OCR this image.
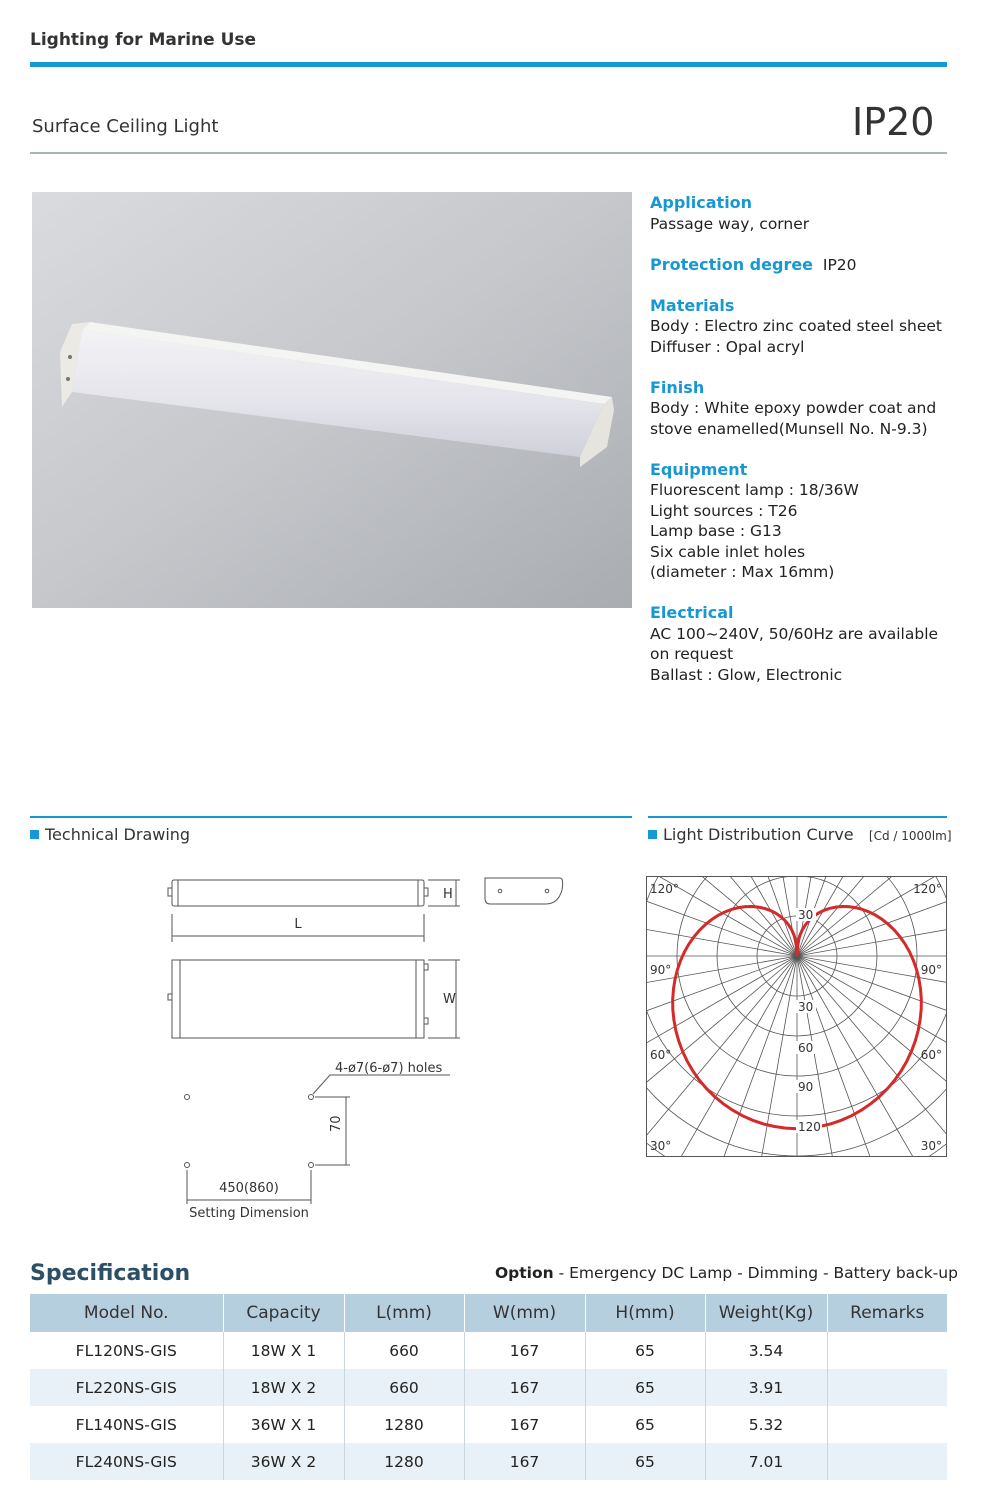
Lighting for Marine Use
Surface Ceiling Light	IP20
Application
Passage way, corner
Protection degree IP20
Materials
Body : Electro zinc coated steel sheet
Diffuser : Opal acryl
Finish
Body : White epoxy powder coat and
stove enamelled(Munsell No. N-9.3)
Equipment
Fluorescent lamp : 18/36W
Light sources : T26
Lamp base : G13
Six cable inlet holes
(diameter : Max 16mm)
Electrical
AC 100~240V, 50/60Hz are available
on request
Ballast : Glow, Electronic
Technical Drawing	Light Distribution Curve [Cd / 1000lm]
H
L
W
4-ø7(6-ø7) holes
70
450(860)
Setting Dimension
120°	120°
90°	90°
60°	60°
30°	30°
30
30
60
90
120
Specification	Option - Emergency DC Lamp - Dimming - Battery back-up
Model No.	Capacity	L(mm)	W(mm)	H(mm)	Weight(Kg)	Remarks
FL120NS-GIS	18W X 1	660	167	65	3.54	
FL220NS-GIS	18W X 2	660	167	65	3.91	
FL140NS-GIS	36W X 1	1280	167	65	5.32	
FL240NS-GIS	36W X 2	1280	167	65	7.01	
